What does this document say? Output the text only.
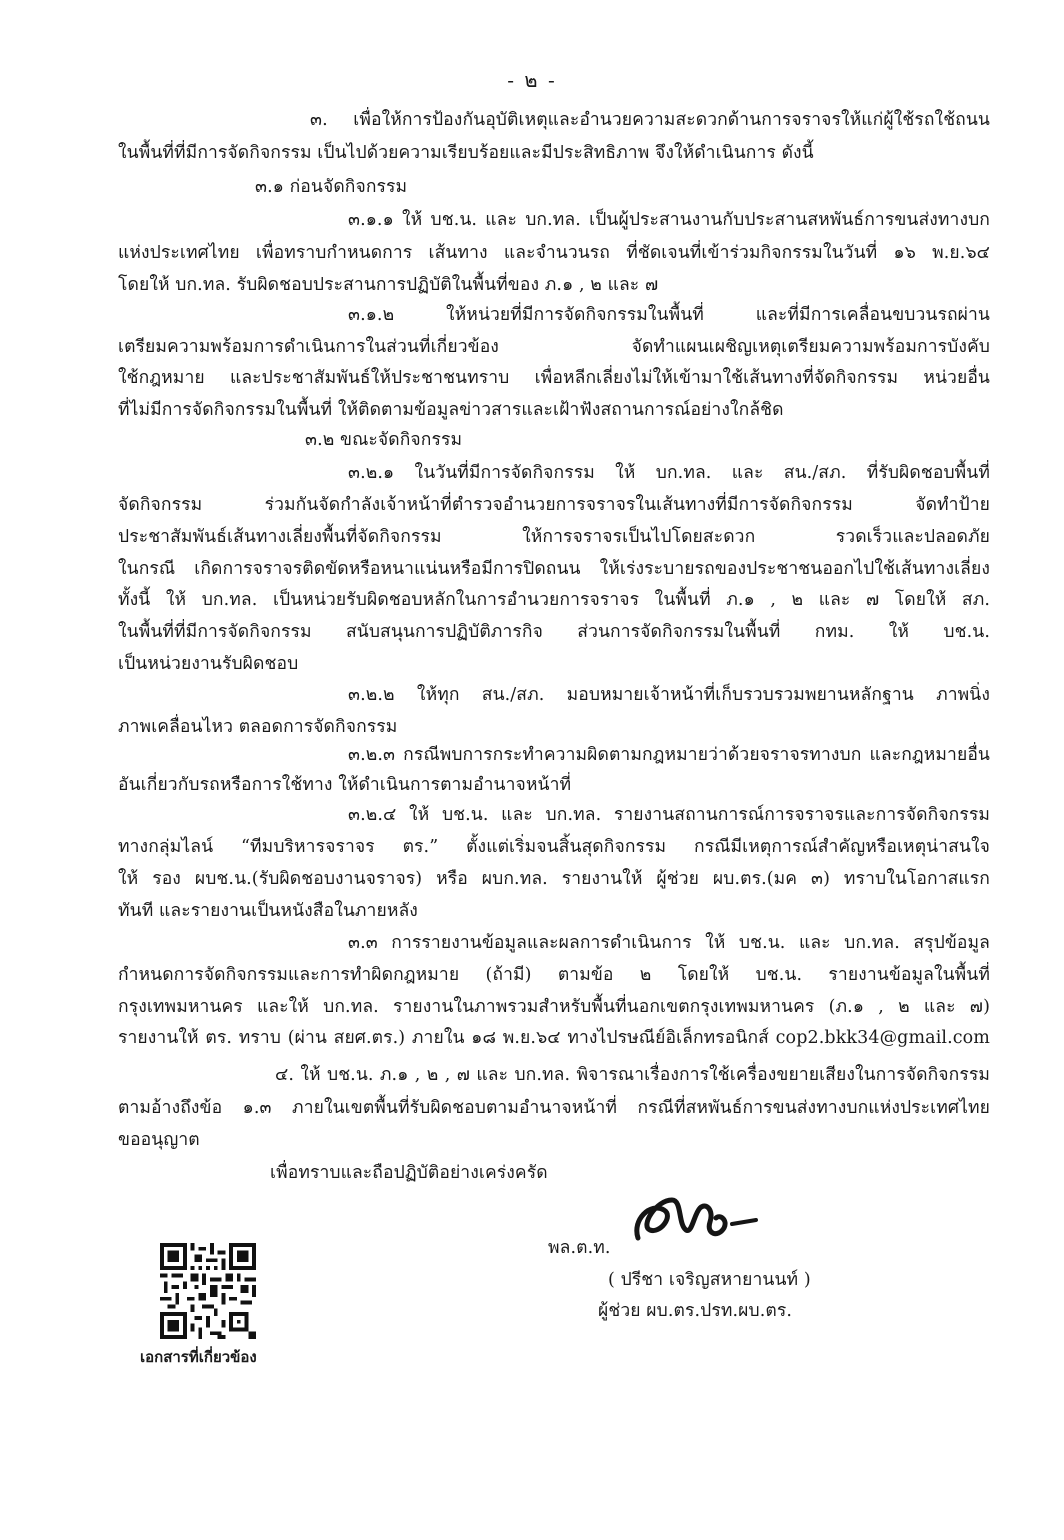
- ๒ -
๓. เพื่อให้การป้องกันอุบัติเหตุและอำนวยความสะดวกด้านการจราจรให้แก่ผู้ใช้รถใช้ถนน
ในพื้นที่ที่มีการจัดกิจกรรม เป็นไปด้วยความเรียบร้อยและมีประสิทธิภาพ จึงให้ดำเนินการ ดังนี้
๓.๑ ก่อนจัดกิจกรรม
๓.๑.๑ ให้ บช.น. และ บก.ทล. เป็นผู้ประสานงานกับประสานสหพันธ์การขนส่งทางบก
แห่งประเทศไทย เพื่อทราบกำหนดการ เส้นทาง และจำนวนรถ ที่ชัดเจนที่เข้าร่วมกิจกรรมในวันที่ ๑๖ พ.ย.๖๔
โดยให้ บก.ทล. รับผิดชอบประสานการปฏิบัติในพื้นที่ของ ภ.๑ , ๒ และ ๗
๓.๑.๒ ให้หน่วยที่มีการจัดกิจกรรมในพื้นที่ และที่มีการเคลื่อนขบวนรถผ่าน
เตรียมความพร้อมการดำเนินการในส่วนที่เกี่ยวข้อง จัดทำแผนเผชิญเหตุเตรียมความพร้อมการบังคับ
ใช้กฎหมาย และประชาสัมพันธ์ให้ประชาชนทราบ เพื่อหลีกเลี่ยงไม่ให้เข้ามาใช้เส้นทางที่จัดกิจกรรม หน่วยอื่น
ที่ไม่มีการจัดกิจกรรมในพื้นที่ ให้ติดตามข้อมูลข่าวสารและเฝ้าฟังสถานการณ์อย่างใกล้ชิด
๓.๒ ขณะจัดกิจกรรม
๓.๒.๑ ในวันที่มีการจัดกิจกรรม ให้ บก.ทล. และ สน./สภ. ที่รับผิดชอบพื้นที่
จัดกิจกรรม ร่วมกันจัดกำลังเจ้าหน้าที่ตำรวจอำนวยการจราจรในเส้นทางที่มีการจัดกิจกรรม จัดทำป้าย
ประชาสัมพันธ์เส้นทางเลี่ยงพื้นที่จัดกิจกรรม ให้การจราจรเป็นไปโดยสะดวก รวดเร็วและปลอดภัย
ในกรณี เกิดการจราจรติดขัดหรือหนาแน่นหรือมีการปิดถนน ให้เร่งระบายรถของประชาชนออกไปใช้เส้นทางเลี่ยง
ทั้งนี้ ให้ บก.ทล. เป็นหน่วยรับผิดชอบหลักในการอำนวยการจราจร ในพื้นที่ ภ.๑ , ๒ และ ๗ โดยให้ สภ.
ในพื้นที่ที่มีการจัดกิจกรรม สนับสนุนการปฏิบัติภารกิจ ส่วนการจัดกิจกรรมในพื้นที่ กทม. ให้ บช.น.
เป็นหน่วยงานรับผิดชอบ
๓.๒.๒ ให้ทุก สน./สภ. มอบหมายเจ้าหน้าที่เก็บรวบรวมพยานหลักฐาน ภาพนิ่ง
ภาพเคลื่อนไหว ตลอดการจัดกิจกรรม
๓.๒.๓ กรณีพบการกระทำความผิดตามกฎหมายว่าด้วยจราจรทางบก และกฎหมายอื่น
อันเกี่ยวกับรถหรือการใช้ทาง ให้ดำเนินการตามอำนาจหน้าที่
๓.๒.๔ ให้ บช.น. และ บก.ทล. รายงานสถานการณ์การจราจรและการจัดกิจกรรม
ทางกลุ่มไลน์ “ทีมบริหารจราจร ตร.” ตั้งแต่เริ่มจนสิ้นสุดกิจกรรม กรณีมีเหตุการณ์สำคัญหรือเหตุน่าสนใจ
ให้ รอง ผบช.น.(รับผิดชอบงานจราจร) หรือ ผบก.ทล. รายงานให้ ผู้ช่วย ผบ.ตร.(มค ๓) ทราบในโอกาสแรก
ทันที และรายงานเป็นหนังสือในภายหลัง
๓.๓ การรายงานข้อมูลและผลการดำเนินการ ให้ บช.น. และ บก.ทล. สรุปข้อมูล
กำหนดการจัดกิจกรรมและการทำผิดกฎหมาย (ถ้ามี) ตามข้อ ๒ โดยให้ บช.น. รายงานข้อมูลในพื้นที่
กรุงเทพมหานคร และให้ บก.ทล. รายงานในภาพรวมสำหรับพื้นที่นอกเขตกรุงเทพมหานคร (ภ.๑ , ๒ และ ๗)
รายงานให้ ตร. ทราบ (ผ่าน สยศ.ตร.) ภายใน ๑๘ พ.ย.๖๔ ทางไปรษณีย์อิเล็กทรอนิกส์ cop2.bkk34@gmail.com
๔. ให้ บช.น. ภ.๑ , ๒ , ๗ และ บก.ทล. พิจารณาเรื่องการใช้เครื่องขยายเสียงในการจัดกิจกรรม
ตามอ้างถึงข้อ ๑.๓ ภายในเขตพื้นที่รับผิดชอบตามอำนาจหน้าที่ กรณีที่สหพันธ์การขนส่งทางบกแห่งประเทศไทย
ขออนุญาต
เพื่อทราบและถือปฏิบัติอย่างเคร่งครัด
พล.ต.ท.
( ปรีชา เจริญสหายานนท์ )
ผู้ช่วย ผบ.ตร.ปรท.ผบ.ตร.
เอกสารที่เกี่ยวข้อง
